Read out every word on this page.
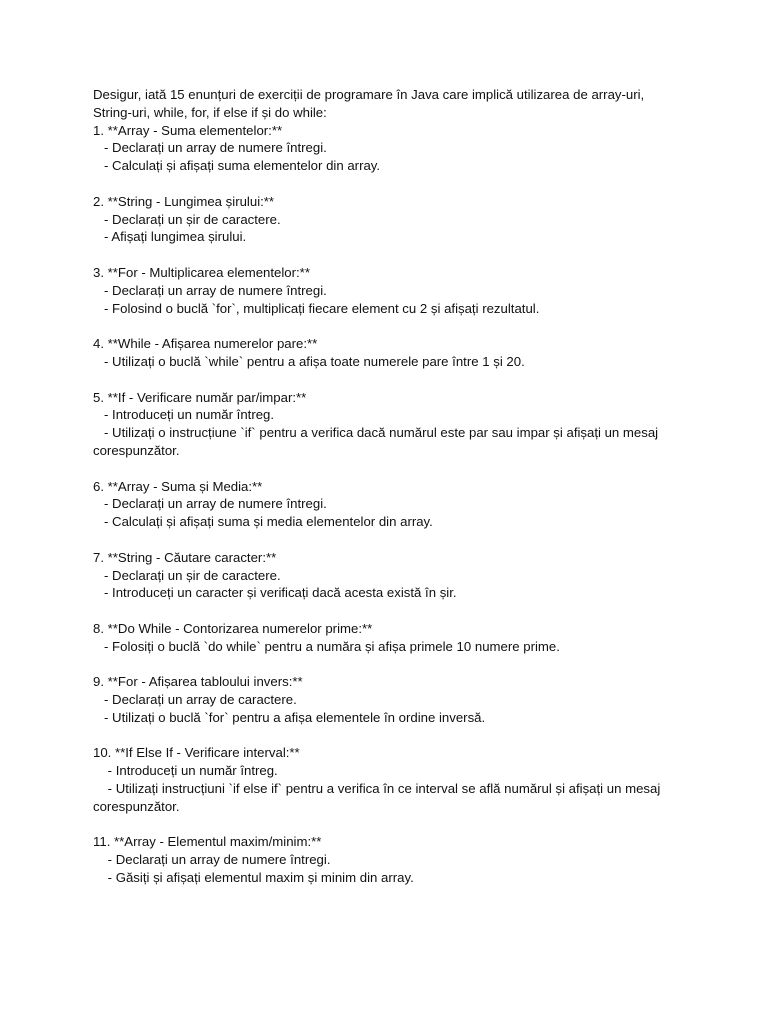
Desigur, iată 15 enunțuri de exerciții de programare în Java care implică utilizarea de array-uri, String-uri, while, for, if else if și do while:

1. **Array - Suma elementelor:**

- Declarați un array de numere întregi.

- Calculați și afișați suma elementelor din array.

2. **String - Lungimea șirului:**

- Declarați un șir de caractere.

- Afișați lungimea șirului.

3. **For - Multiplicarea elementelor:**

- Declarați un array de numere întregi.

- Folosind o buclă `for`, multiplicați fiecare element cu 2 și afișați rezultatul.

4. **While - Afișarea numerelor pare:**

- Utilizați o buclă `while` pentru a afișa toate numerele pare între 1 și 20.

5. **If - Verificare număr par/impar:**

- Introduceți un număr întreg.

- Utilizați o instrucțiune `if` pentru a verifica dacă numărul este par sau impar și afișați un mesaj corespunzător.

6. **Array - Suma și Media:**

- Declarați un array de numere întregi.

- Calculați și afișați suma și media elementelor din array.

7. **String - Căutare caracter:**

- Declarați un șir de caractere.

- Introduceți un caracter și verificați dacă acesta există în șir.

8. **Do While - Contorizarea numerelor prime:**

- Folosiți o buclă `do while` pentru a număra și afișa primele 10 numere prime.

9. **For - Afișarea tabloului invers:**

- Declarați un array de caractere.

- Utilizați o buclă `for` pentru a afișa elementele în ordine inversă.

10. **If Else If - Verificare interval:**

- Introduceți un număr întreg.

- Utilizați instrucțiuni `if else if` pentru a verifica în ce interval se află numărul și afișați un mesaj corespunzător.

11. **Array - Elementul maxim/minim:**

- Declarați un array de numere întregi.

- Găsiți și afișați elementul maxim și minim din array.
